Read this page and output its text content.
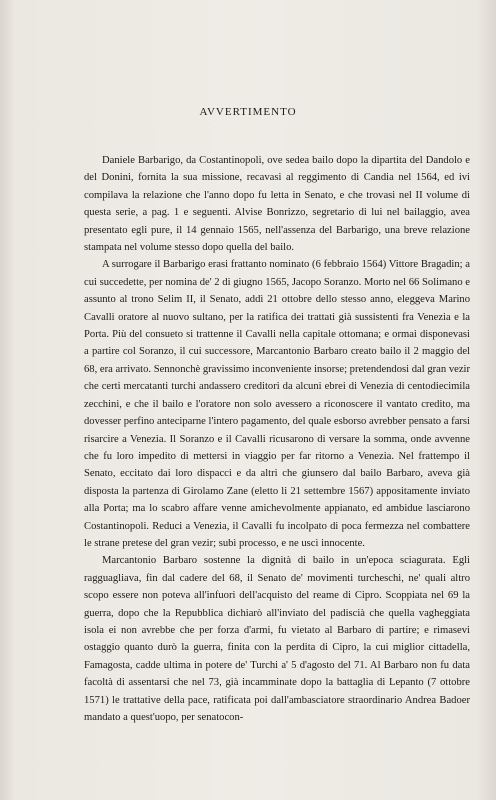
AVVERTIMENTO

Daniele Barbarigo, da Costantinopoli, ove sedea bailo dopo la dipartita del Dandolo e del Donini, fornita la sua missione, recavasi al reggimento di Candia nel 1564, ed ivi compilava la relazione che l'anno dopo fu letta in Senato, e che trovasi nel II volume di questa serie, a pag. 1 e seguenti. Alvise Bonrizzo, segretario di lui nel bailaggio, avea presentato egli pure, il 14 gennaio 1565, nell'assenza del Barbarigo, una breve relazione stampata nel volume stesso dopo quella del bailo.

A surrogare il Barbarigo erasi frattanto nominato (6 febbraio 1564) Vittore Bragadin; a cui succedette, per nomina de' 2 di giugno 1565, Jacopo Soranzo. Morto nel 66 Solimano e assunto al trono Selim II, il Senato, addì 21 ottobre dello stesso anno, eleggeva Marino Cavalli oratore al nuovo sultano, per la ratifica dei trattati già sussistenti fra Venezia e la Porta. Più del consueto si trattenne il Cavalli nella capitale ottomana; e ormai disponevasi a partire col Soranzo, il cui successore, Marcantonio Barbaro creato bailo il 2 maggio del 68, era arrivato. Sennonchè gravissimo inconveniente insorse; pretendendosi dal gran vezir che certi mercatanti turchi andassero creditori da alcuni ebrei di Venezia di centodiecimila zecchini, e che il bailo e l'oratore non solo avessero a riconoscere il vantato credito, ma dovesser perfino anteciparne l'intero pagamento, del quale esborso avrebber pensato a farsi risarcire a Venezia. Il Soranzo e il Cavalli ricusarono di versare la somma, onde avvenne che fu loro impedito di mettersi in viaggio per far ritorno a Venezia. Nel frattempo il Senato, eccitato dai loro dispacci e da altri che giunsero dal bailo Barbaro, aveva già disposta la partenza di Girolamo Zane (eletto li 21 settembre 1567) appositamente inviato alla Porta; ma lo scabro affare venne amichevolmente appianato, ed ambidue lasciarono Costantinopoli. Reduci a Venezia, il Cavalli fu incolpato di poca fermezza nel combattere le strane pretese del gran vezir; subì processo, e ne uscì innocente.

Marcantonio Barbaro sostenne la dignità di bailo in un'epoca sciagurata. Egli ragguagliava, fin dal cadere del 68, il Senato de' movimenti turcheschi, ne' quali altro scopo essere non poteva all'infuori dell'acquisto del reame di Cipro. Scoppiata nel 69 la guerra, dopo che la Repubblica dichiarò all'inviato del padiscià che quella vagheggiata isola ei non avrebbe che per forza d'armi, fu vietato al Barbaro di partire; e rimasevi ostaggio quanto durò la guerra, finita con la perdita di Cipro, la cui miglior cittadella, Famagosta, cadde ultima in potere de' Turchi a' 5 d'agosto del 71. Al Barbaro non fu data facoltà di assentarsi che nel 73, già incamminate dopo la battaglia di Lepanto (7 ottobre 1571) le trattative della pace, ratificata poi dall'ambasciatore straordinario Andrea Badoer mandato a quest'uopo, per senatocon-
